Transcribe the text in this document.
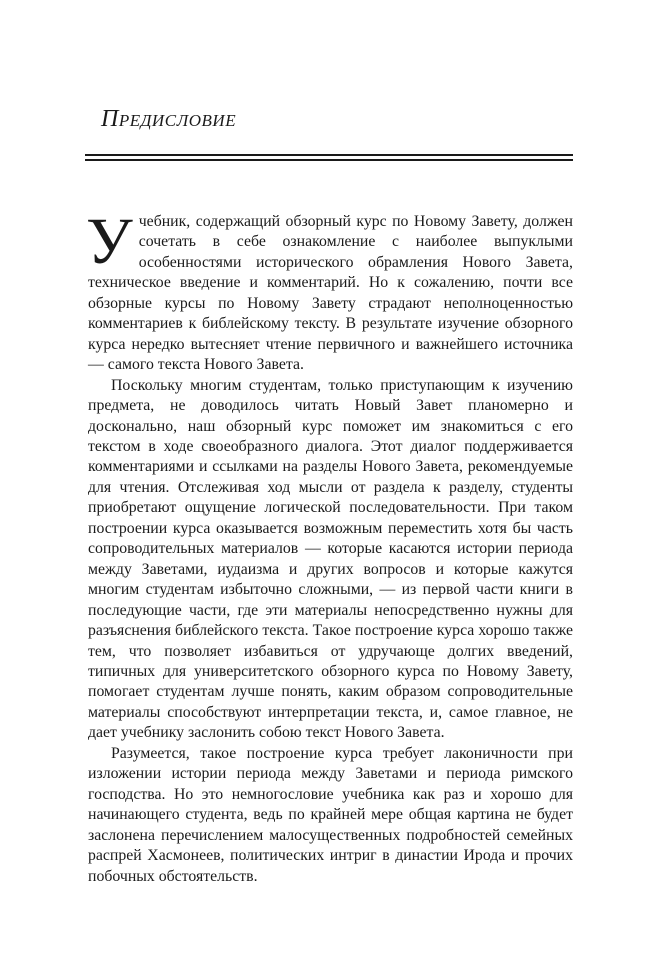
Предисловие

Учебник, содержащий обзорный курс по Новому Завету, должен сочетать в себе ознакомление с наиболее выпуклыми особенностями исторического обрамления Нового Завета, техническое введение и комментарий. Но к сожалению, почти все обзорные курсы по Новому Завету страдают неполноценностью комментариев к библейскому тексту. В результате изучение обзорного курса нередко вытесняет чтение первичного и важнейшего источника — самого текста Нового Завета.

Поскольку многим студентам, только приступающим к изучению предмета, не доводилось читать Новый Завет планомерно и досконально, наш обзорный курс поможет им знакомиться с его текстом в ходе своеобразного диалога. Этот диалог поддерживается комментариями и ссылками на разделы Нового Завета, рекомендуемые для чтения. Отслеживая ход мысли от раздела к разделу, студенты приобретают ощущение логической последовательности. При таком построении курса оказывается возможным переместить хотя бы часть сопроводительных материалов — которые касаются истории периода между Заветами, иудаизма и других вопросов и которые кажутся многим студентам избыточно сложными, — из первой части книги в последующие части, где эти материалы непосредственно нужны для разъяснения библейского текста. Такое построение курса хорошо также тем, что позволяет избавиться от удручающе долгих введений, типичных для университетского обзорного курса по Новому Завету, помогает студентам лучше понять, каким образом сопроводительные материалы способствуют интерпретации текста, и, самое главное, не дает учебнику заслонить собою текст Нового Завета.

Разумеется, такое построение курса требует лаконичности при изложении истории периода между Заветами и периода римского господства. Но это немногословие учебника как раз и хорошо для начинающего студента, ведь по крайней мере общая картина не будет заслонена перечислением малосущественных подробностей семейных распрей Хасмонеев, политических интриг в династии Ирода и прочих побочных обстоятельств.
